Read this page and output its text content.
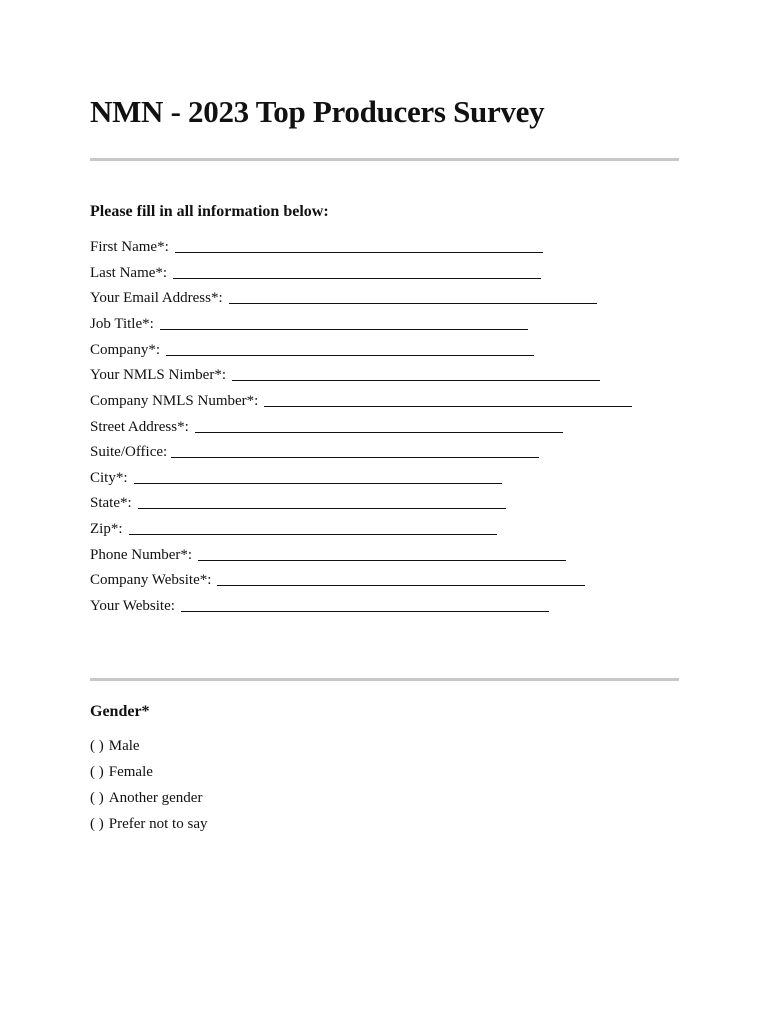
NMN - 2023 Top Producers Survey
Please fill in all information below:
First Name*:
Last Name*:
Your Email Address*:
Job Title*:
Company*:
Your NMLS Nimber*:
Company NMLS Number*:
Street Address*:
Suite/Office:
City*:
State*:
Zip*:
Phone Number*:
Company Website*:
Your Website:
Gender*
( ) Male
( ) Female
( ) Another gender
( ) Prefer not to say
